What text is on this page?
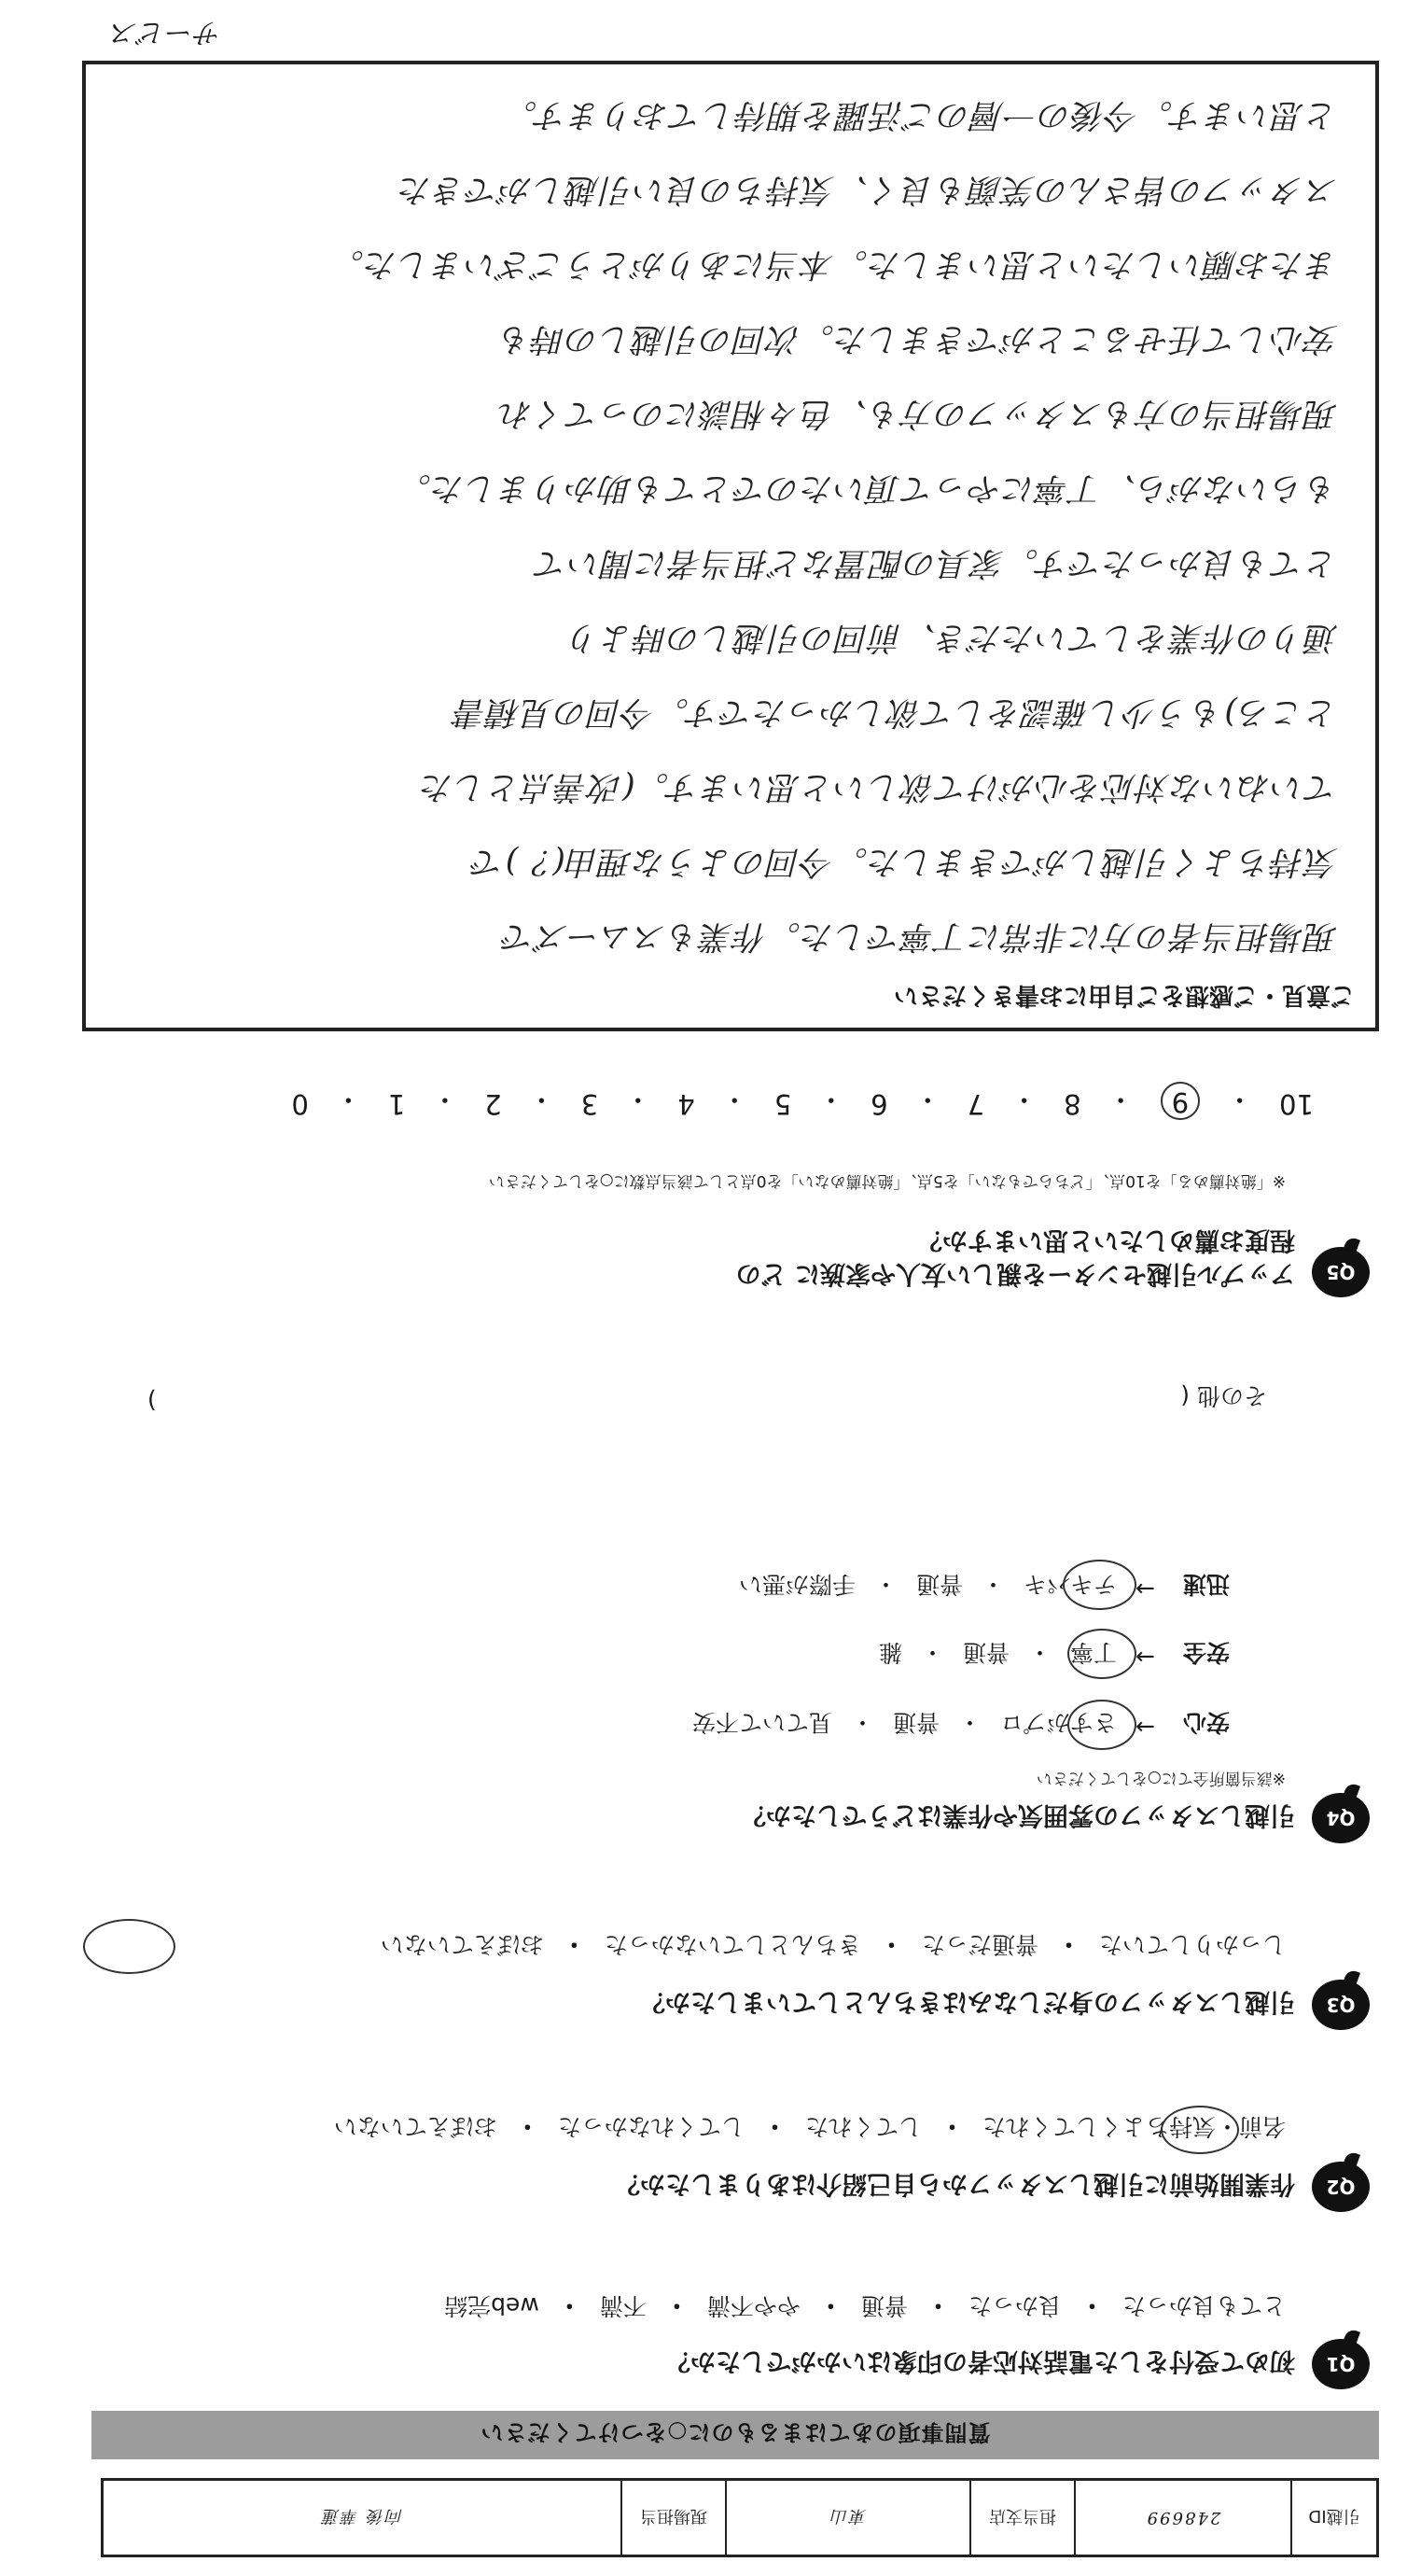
引越ID
248699
担当支店
東山
現場担当
向後 華蓮
質問事項のあてはまるものに○をつけてください
Q1
初めて受付をした電話対応者の印象はいかがでしたか？
とても良かった
・
良かった
・
普通
・
やや不満
・
不満
・
web完結
Q2
作業開始前に引越しスタッフから自己紹介はありましたか？
名前・気持ちよくしてくれた
・
してくれた
・
してくれなかった
・
おぼえていない
Q3
引越しスタッフの身だしなみはきちんとしていましたか？
しっかりしていた
・
普通だった
・
きちんとしていなかった
・
おぼえていない
Q4
引越しスタッフの雰囲気や作業はどうでしたか？
※該当箇所全てに○をしてください
安心
→
さすがプロ
・
普通
・
見ていて不安
安全
→
丁寧
・
普通
・
雑
迅速
→
テキパキ
・
普通
・
手際が悪い
その他 (
)
Q5
アップル引越センターを親しい友人や家族に どの程度お薦めしたいと思いますか？
※「絶対薦める」を10点、「どちらでもない」を5点、「絶対薦めない」を0点として該当点数に○をしてください
10
・
9
・
8
・
7
・
6
・
5
・
4
・
3
・
2
・
1
・
0
ご意見・ご感想をご自由にお書きください
現場担当者の方に非常に丁寧でした。作業もスムーズで
気持ちよく引越しができました。今回のような理由(？)で
ていねいな対応を心がけて欲しいと思います。(改善点とした
ところ)もう少し確認をして欲しかったです。今回の見積書
通りの作業をしていただき、前回の引越しの時より
とても良かったです。家具の配置など担当者に聞いて
もらいながら、丁寧にやって頂いたのでとても助かりました。
現場担当の方もスタッフの方も、色々相談にのってくれ
安心して任せることができました。次回の引越しの時も
またお願いしたいと思いました。本当にありがとうございました。
スタッフの皆さんの笑顔も良く、気持ちの良い引越しができた
と思います。今後の一層のご活躍を期待しております。
サービス
